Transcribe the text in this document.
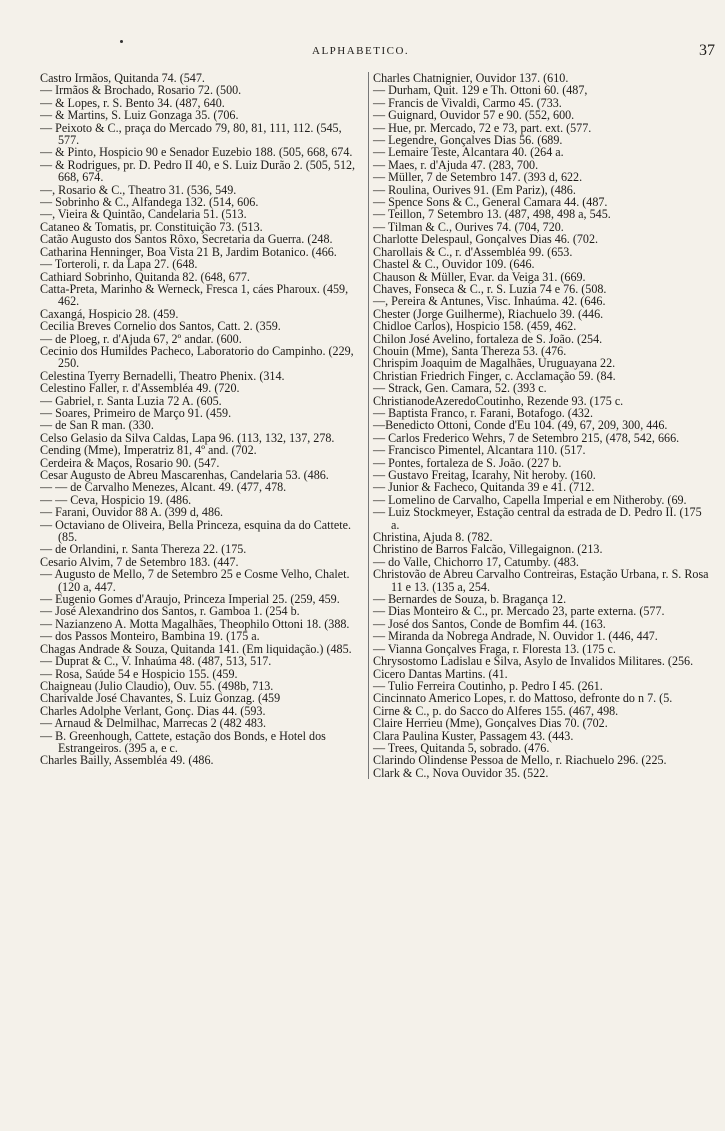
ALPHABETICO.	37

Castro Irmãos, Quitanda 74. (547.

— Irmãos & Brochado, Rosario 72. (500.

— & Lopes, r. S. Bento 34. (487, 640.

— & Martins, S. Luiz Gonzaga 35. (706.

— Peixoto & C., praça do Mercado 79, 80, 81, 111, 112. (545, 577.

— & Pinto, Hospicio 90 e Senador Euzebio 188. (505, 668, 674.

— & Rodrigues, pr. D. Pedro II 40, e S. Luiz Durão 2. (505, 512, 668, 674.

—, Rosario & C., Theatro 31. (536, 549.

— Sobrinho & C., Alfandega 132. (514, 606.

—, Vieira & Quintão, Candelaria 51. (513.

Cataneo & Tomatis, pr. Constituição 73. (513.

Catão Augusto dos Santos Rôxo, Secretaria da Guerra. (248.

Catharina Henninger, Boa Vista 21 B, Jardim Botanico. (466.

— Torteroli, r. da Lapa 27. (648.

Cathiard Sobrinho, Quitanda 82. (648, 677.

Catta-Preta, Marinho & Werneck, Fresca 1, cáes Pharoux. (459, 462.

Caxangá, Hospicio 28. (459.

Cecilia Breves Cornelio dos Santos, Catt. 2. (359.

— de Ploeg, r. d'Ajuda 67, 2º andar. (600.

Cecinio dos Humildes Pacheco, Laboratorio do Campinho. (229, 250.

Celestina Tyerry Bernadelli, Theatro Phenix. (314.

Celestino Faller, r. d'Assembléa 49. (720.

— Gabriel, r. Santa Luzia 72 A. (605.

— Soares, Primeiro de Março 91. (459.

— de San R man. (330.

Celso Gelasio da Silva Caldas, Lapa 96. (113, 132, 137, 278.

Cending (Mme), Imperatriz 81, 4º and. (702.

Cerdeira & Maços, Rosario 90. (547.

Cesar Augusto de Abreu Mascarenhas, Candelaria 53. (486.

— — de Carvalho Menezes, Alcant. 49. (477, 478.

— — Ceva, Hospicio 19. (486.

— Farani, Ouvidor 88 A. (399 d, 486.

— Octaviano de Oliveira, Bella Princeza, esquina da do Cattete. (85.

— de Orlandini, r. Santa Thereza 22. (175.

Cesario Alvim, 7 de Setembro 183. (447.

— Augusto de Mello, 7 de Setembro 25 e Cosme Velho, Chalet. (120 a, 447.

— Eugenio Gomes d'Araujo, Princeza Imperial 25. (259, 459.

— José Alexandrino dos Santos, r. Gamboa 1. (254 b.

— Nazianzeno A. Motta Magalhães, Theophilo Ottoni 18. (388.

— dos Passos Monteiro, Bambina 19. (175 a.

Chagas Andrade & Souza, Quitanda 141. (Em liquidação.) (485.

— Duprat & C., V. Inhaúma 48. (487, 513, 517.

— Rosa, Saúde 54 e Hospicio 155. (459.

Chaigneau (Julio Claudio), Ouv. 55. (498b, 713.

Charivalde José Chavantes, S. Luiz Gonzag. (459

Charles Adolphe Verlant, Gonç. Dias 44. (593.

— Arnaud & Delmilhac, Marrecas 2 (482 483.

— B. Greenhough, Cattete, estação dos Bonds, e Hotel dos Estrangeiros. (395 a, e c.

Charles Bailly, Assembléa 49. (486.

Charles Chatnignier, Ouvidor 137. (610.

— Durham, Quit. 129 e Th. Ottoni 60. (487,

— Francis de Vivaldi, Carmo 45. (733.

— Guignard, Ouvidor 57 e 90. (552, 600.

— Hue, pr. Mercado, 72 e 73, part. ext. (577.

— Legendre, Gonçalves Dias 56. (689.

— Lemaire Teste, Alcantara 40. (264 a.

— Maes, r. d'Ajuda 47. (283, 700.

— Müller, 7 de Setembro 147. (393 d, 622.

— Roulina, Ourives 91. (Em Pariz), (486.

— Spence Sons & C., General Camara 44. (487.

— Teillon, 7 Setembro 13. (487, 498, 498 a, 545.

— Tilman & C., Ourives 74. (704, 720.

Charlotte Delespaul, Gonçalves Dias 46. (702.

Charollais & C., r. d'Assembléa 99. (653.

Chastel & C., Ouvidor 109. (646.

Chauson & Müller, Evar. da Veiga 31. (669.

Chaves, Fonseca & C., r. S. Luzia 74 e 76. (508.

—, Pereira & Antunes, Visc. Inhaúma. 42. (646.

Chester (Jorge Guilherme), Riachuelo 39. (446.

Chidloe Carlos), Hospicio 158. (459, 462.

Chilon José Avelino, fortaleza de S. João. (254.

Chouin (Mme), Santa Thereza 53. (476.

Chrispim Joaquim de Magalhães, Uruguayana 22.

Christian Friedrich Finger, c. Acclamação 59. (84.

— Strack, Gen. Camara, 52. (393 c.

ChristianodeAzeredoCoutinho, Rezende 93. (175 c.

— Baptista Franco, r. Farani, Botafogo. (432.

—Benedicto Ottoni, Conde d'Eu 104. (49, 67, 209, 300, 446.

— Carlos Frederico Wehrs, 7 de Setembro 215, (478, 542, 666.

— Francisco Pimentel, Alcantara 110. (517.

— Pontes, fortaleza de S. João. (227 b.

— Gustavo Freitag, Icarahy, Nit heroby. (160.

— Junior & Facheco, Quitanda 39 e 41. (712.

— Lomelino de Carvalho, Capella Imperial e em Nitheroby. (69.

— Luiz Stockmeyer, Estação central da estrada de D. Pedro II. (175 a.

Christina, Ajuda 8. (782.

Christino de Barros Falcão, Villegaignon. (213.

— do Valle, Chichorro 17, Catumby. (483.

Christovão de Abreu Carvalho Contreiras, Estação Urbana, r. S. Rosa 11 e 13. (135 a, 254.

— Bernardes de Souza, b. Bragança 12.

— Dias Monteiro & C., pr. Mercado 23, parte externa. (577.

— José dos Santos, Conde de Bomfim 44. (163.

— Miranda da Nobrega Andrade, N. Ouvidor 1. (446, 447.

— Vianna Gonçalves Fraga, r. Floresta 13. (175 c.

Chrysostomo Ladislau e Silva, Asylo de Invalidos Militares. (256.

Cicero Dantas Martins. (41.

— Tulio Ferreira Coutinho, p. Pedro I 45. (261.

Cincinnato Americo Lopes, r. do Mattoso, defronte do n 7. (5.

Cirne & C., p. do Sacco do Alferes 155. (467, 498.

Claire Herrieu (Mme), Gonçalves Dias 70. (702.

Clara Paulina Kuster, Passagem 43. (443.

— Trees, Quitanda 5, sobrado. (476.

Clarindo Olindense Pessoa de Mello, r. Riachuelo 296. (225.

Clark & C., Nova Ouvidor 35. (522.
